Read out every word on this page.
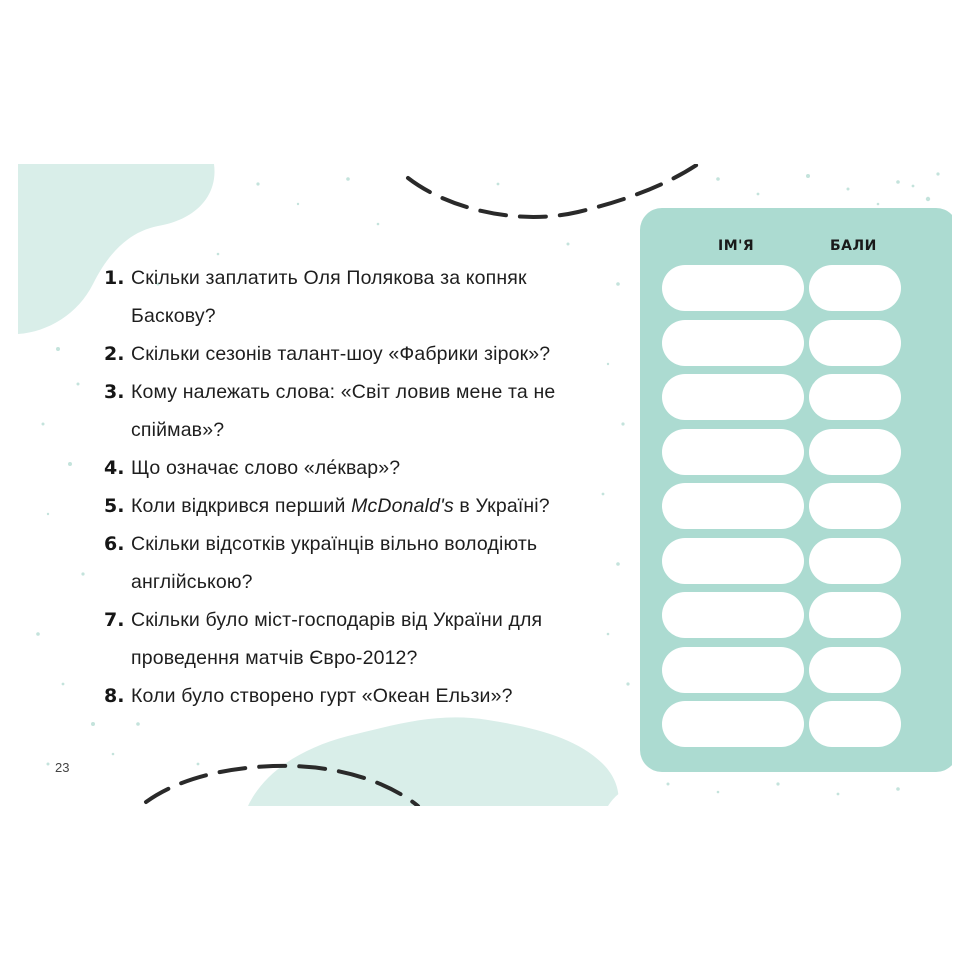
1. Скільки заплатить Оля Полякова за копняк
Баскову?
2. Скільки сезонів талант-шоу «Фабрики зірок»?
3. Кому належать слова: «Світ ловив мене та не
спіймав»?
4. Що означає слово «ле́квар»?
5. Коли відкрився перший McDonald's в Україні?
6. Скільки відсотків українців вільно володіють
англійською?
7. Скільки було міст-господарів від України для
проведення матчів Євро-2012?
8. Коли було створено гурт «Океан Ельзи»?
ІМ'Я	БАЛИ
23
